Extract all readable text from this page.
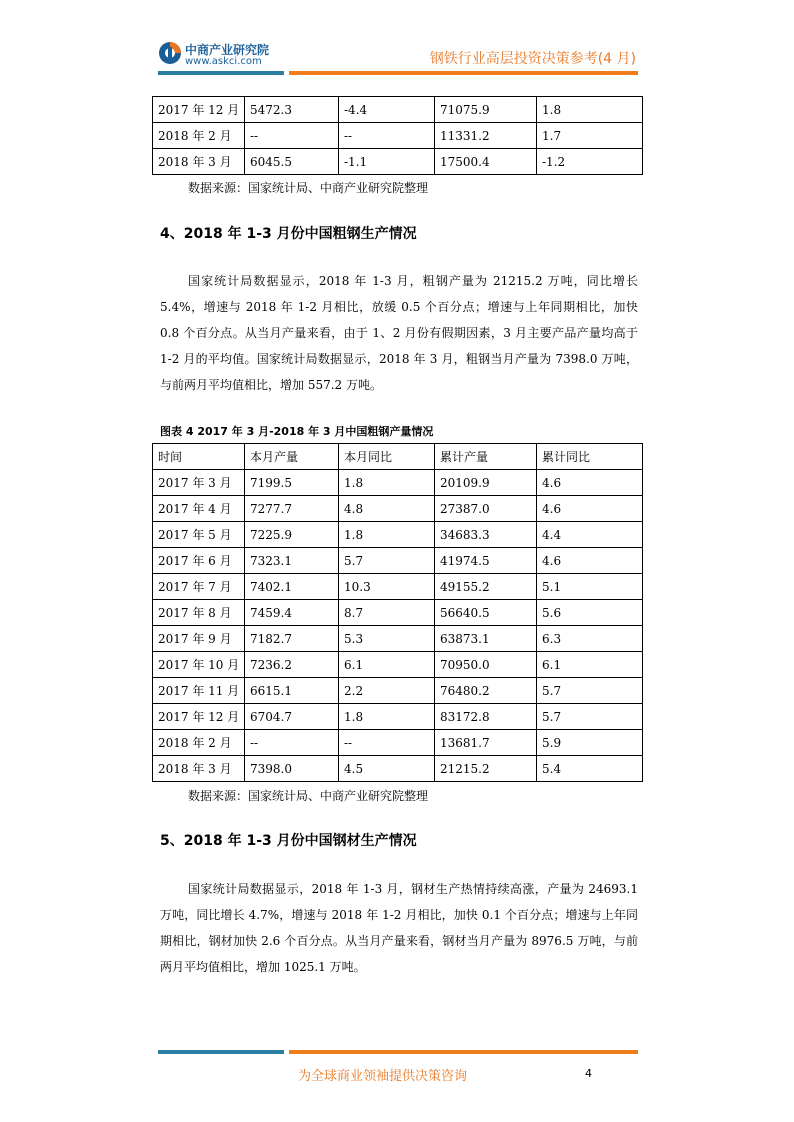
中商产业研究院
www.askci.com	钢铁行业高层投资决策参考(4 月)
2017 年 12 月	5472.3	-4.4	71075.9	1.8
2018 年 2 月	--	--	11331.2	1.7
2018 年 3 月	6045.5	-1.1	17500.4	-1.2
数据来源：国家统计局、中商产业研究院整理
4、2018 年 1-3 月份中国粗钢生产情况

国家统计局数据显示，2018 年 1-3 月，粗钢产量为 21215.2 万吨，同比增长 5.4%，增速与 2018 年 1-2 月相比，放缓 0.5 个百分点；增速与上年同期相比，加快 0.8 个百分点。从当月产量来看，由于 1、2 月份有假期因素，3 月主要产品产量均高于 1-2 月的平均值。国家统计局数据显示，2018 年 3 月，粗钢当月产量为 7398.0 万吨，与前两月平均值相比，增加 557.2 万吨。

图表 4 2017 年 3 月-2018 年 3 月中国粗钢产量情况
时间	本月产量	本月同比	累计产量	累计同比
2017 年 3 月	7199.5	1.8	20109.9	4.6
2017 年 4 月	7277.7	4.8	27387.0	4.6
2017 年 5 月	7225.9	1.8	34683.3	4.4
2017 年 6 月	7323.1	5.7	41974.5	4.6
2017 年 7 月	7402.1	10.3	49155.2	5.1
2017 年 8 月	7459.4	8.7	56640.5	5.6
2017 年 9 月	7182.7	5.3	63873.1	6.3
2017 年 10 月	7236.2	6.1	70950.0	6.1
2017 年 11 月	6615.1	2.2	76480.2	5.7
2017 年 12 月	6704.7	1.8	83172.8	5.7
2018 年 2 月	--	--	13681.7	5.9
2018 年 3 月	7398.0	4.5	21215.2	5.4
数据来源：国家统计局、中商产业研究院整理
5、2018 年 1-3 月份中国钢材生产情况

国家统计局数据显示，2018 年 1-3 月，钢材生产热情持续高涨，产量为 24693.1 万吨，同比增长 4.7%，增速与 2018 年 1-2 月相比，加快 0.1 个百分点；增速与上年同期相比，钢材加快 2.6 个百分点。从当月产量来看，钢材当月产量为 8976.5 万吨，与前两月平均值相比，增加 1025.1 万吨。

为全球商业领袖提供决策咨询	4
